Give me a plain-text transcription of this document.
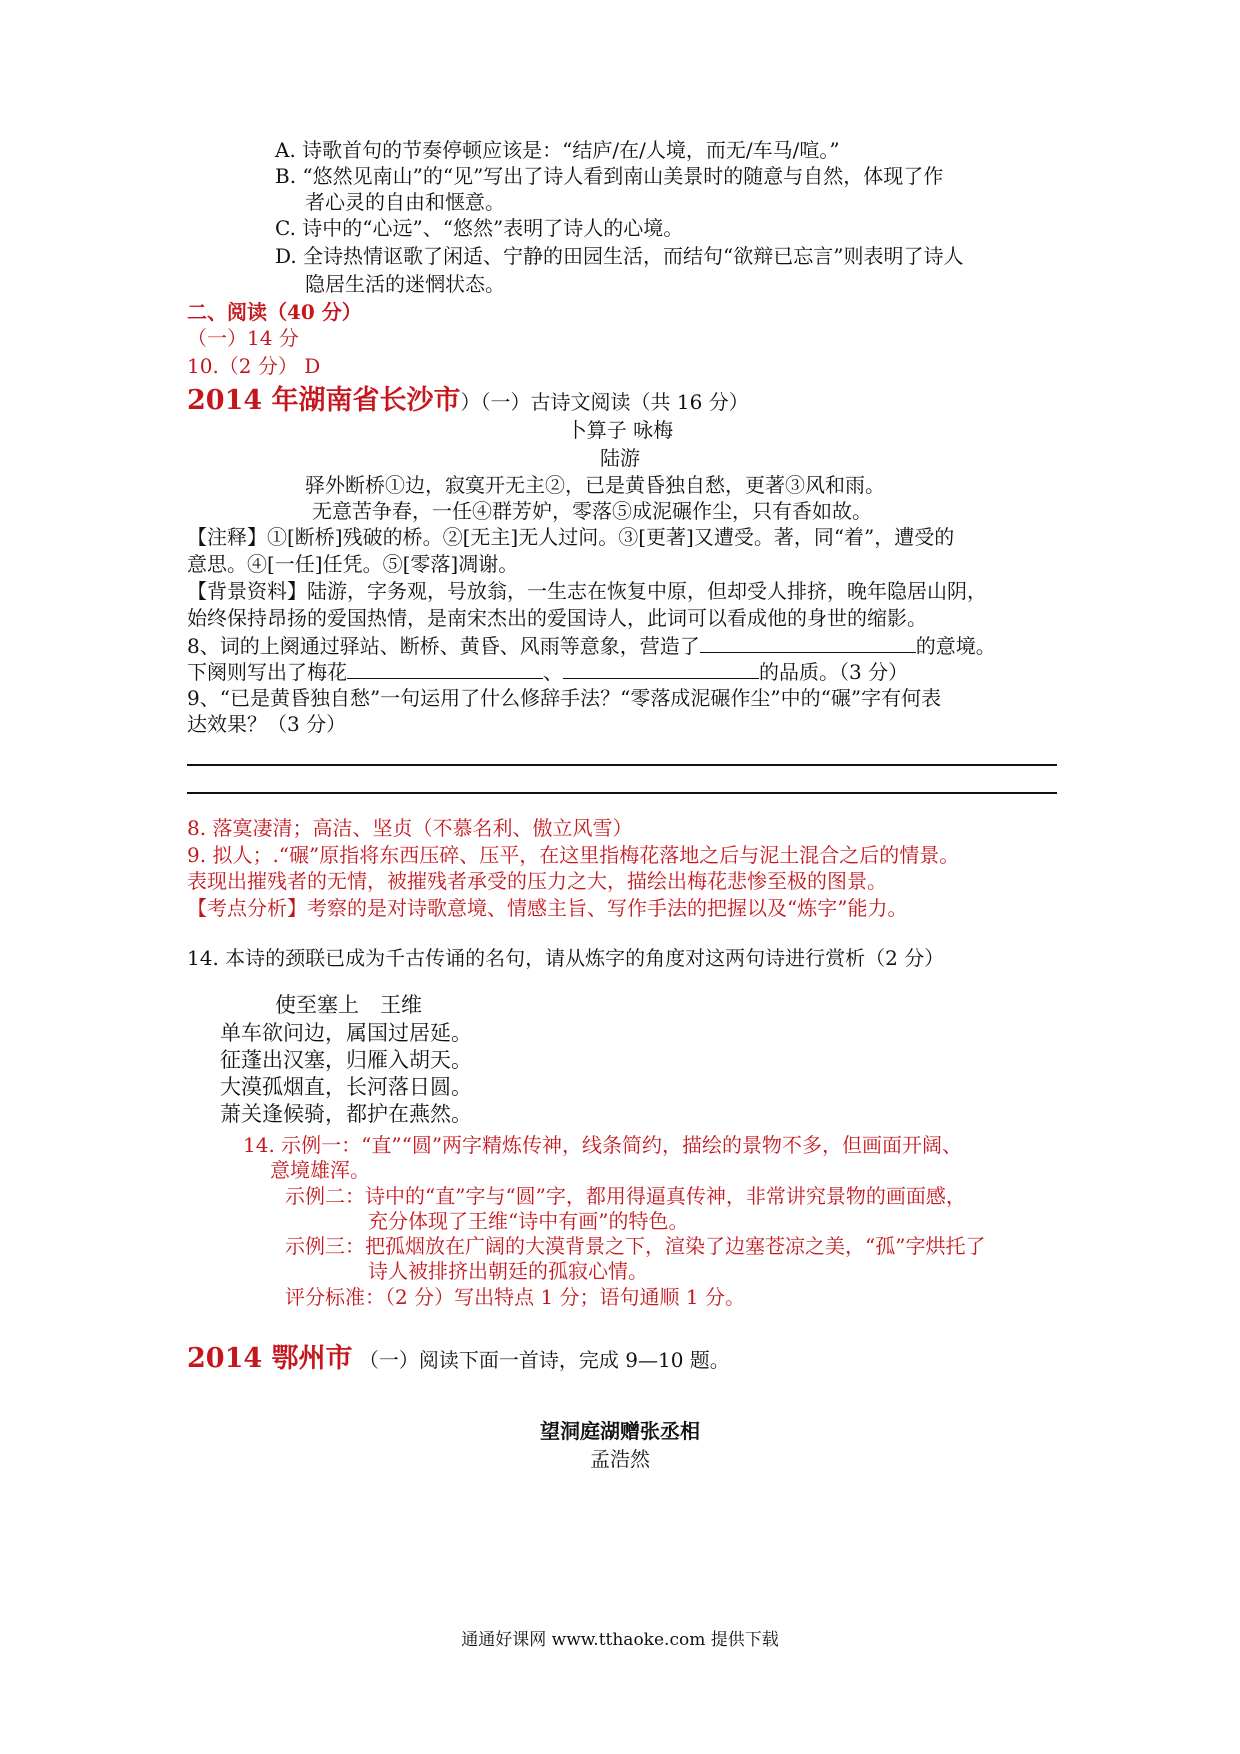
A. 诗歌首句的节奏停顿应该是：“结庐/在/人境，而无/车马/喧。”
B. “悠然见南山”的“见”写出了诗人看到南山美景时的随意与自然，体现了作
者心灵的自由和惬意。
C. 诗中的“心远”、“悠然”表明了诗人的心境。
D. 全诗热情讴歌了闲适、宁静的田园生活，而结句“欲辩已忘言”则表明了诗人
隐居生活的迷惘状态。
二、阅读（40 分）
（一）14 分
10.（2 分） D
2014 年湖南省长沙市）（一）古诗文阅读（共 16 分）
卜算子 咏梅
陆游
驿外断桥①边，寂寞开无主②，已是黄昏独自愁，更著③风和雨。
无意苦争春，一任④群芳妒，零落⑤成泥碾作尘，只有香如故。
【注释】①[断桥]残破的桥。②[无主]无人过问。③[更著]又遭受。著，同“着”，遭受的
意思。④[一任]任凭。⑤[零落]凋谢。
【背景资料】陆游，字务观，号放翁，一生志在恢复中原，但却受人排挤，晚年隐居山阴，
始终保持昂扬的爱国热情，是南宋杰出的爱国诗人，此词可以看成他的身世的缩影。
8、词的上阕通过驿站、断桥、黄昏、风雨等意象，营造了	的意境。
下阕则写出了梅花	、	的品质。（3 分）
9、“已是黄昏独自愁”一句运用了什么修辞手法？“零落成泥碾作尘”中的“碾”字有何表
达效果？（3 分）
8. 落寞凄清；高洁、坚贞（不慕名利、傲立风雪）
9. 拟人；.“碾”原指将东西压碎、压平，在这里指梅花落地之后与泥土混合之后的情景。
表现出摧残者的无情，被摧残者承受的压力之大，描绘出梅花悲惨至极的图景。
【考点分析】考察的是对诗歌意境、情感主旨、写作手法的把握以及“炼字”能力。
14. 本诗的颈联已成为千古传诵的名句，请从炼字的角度对这两句诗进行赏析（2 分）
使至塞上　王维
单车欲问边，属国过居延。
征蓬出汉塞，归雁入胡天。
大漠孤烟直，长河落日圆。
萧关逢候骑，都护在燕然。
14. 示例一：“直”“圆”两字精炼传神，线条简约，描绘的景物不多，但画面开阔、
意境雄浑。
示例二：诗中的“直”字与“圆”字，都用得逼真传神，非常讲究景物的画面感，
充分体现了王维“诗中有画”的特色。
示例三：把孤烟放在广阔的大漠背景之下，渲染了边塞苍凉之美，“孤”字烘托了
诗人被排挤出朝廷的孤寂心情。
评分标准：（2 分）写出特点 1 分；语句通顺 1 分。
2014 鄂州市 （一）阅读下面一首诗，完成 9—10 题。
望洞庭湖赠张丞相
孟浩然
通通好课网 www.tthaoke.com 提供下载
